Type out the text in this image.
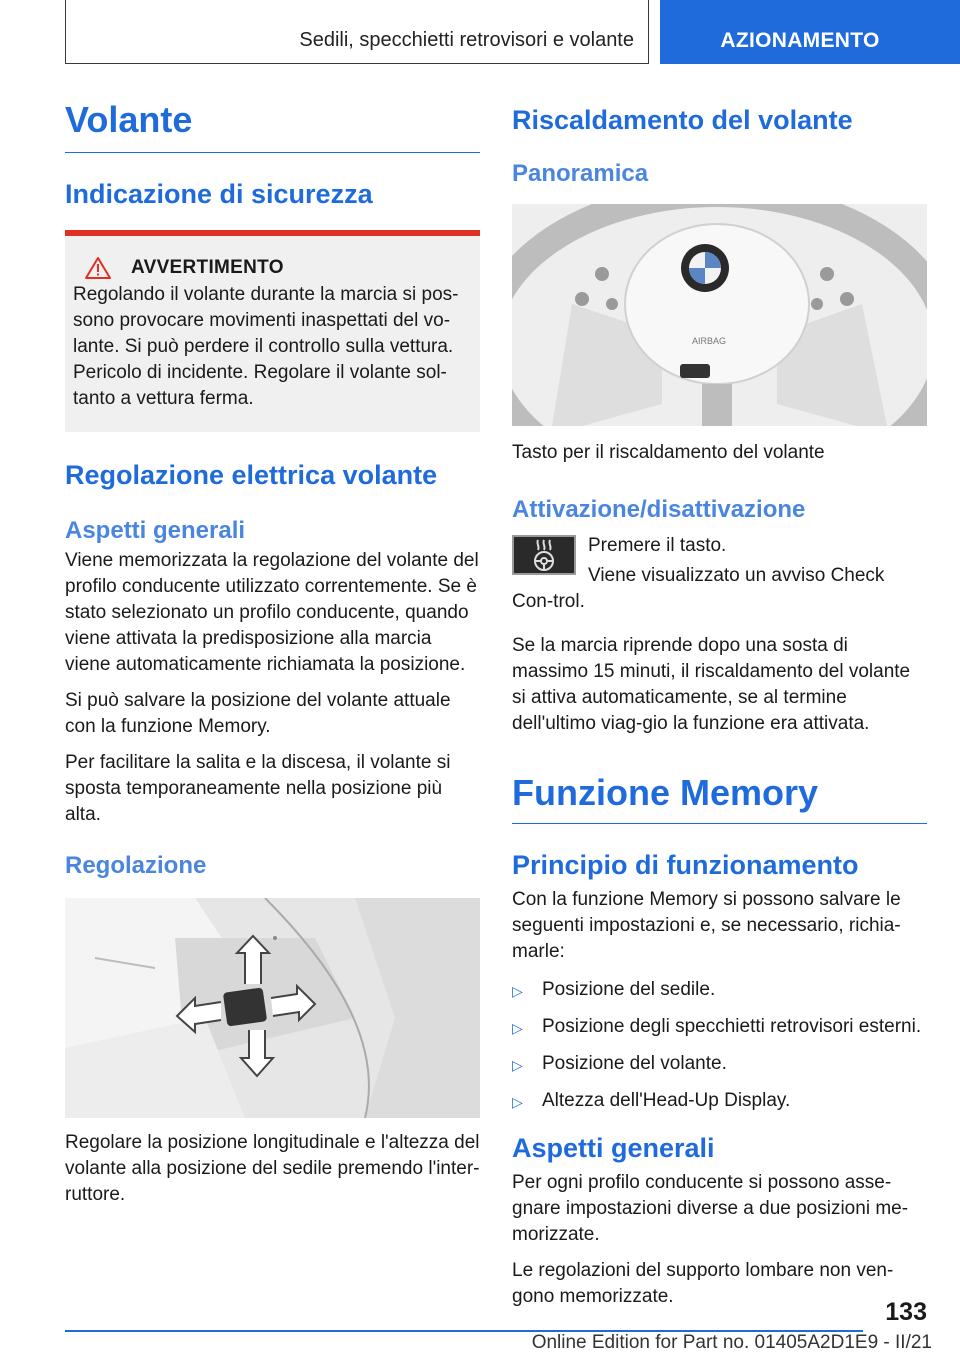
Sedili, specchietti retrovisori e volante	AZIONAMENTO
Volante
Indicazione di sicurezza
AVVERTIMENTO

Regolando il volante durante la marcia si pos-sono provocare movimenti inaspettati del vo-lante. Si può perdere il controllo sulla vettura. Pericolo di incidente. Regolare il volante sol-tanto a vettura ferma.

Regolazione elettrica volante
Aspetti generali

Viene memorizzata la regolazione del volante del profilo conducente utilizzato correntemente. Se è stato selezionato un profilo conducente, quando viene attivata la predisposizione alla marcia viene automaticamente richiamata la posizione.

Si può salvare la posizione del volante attuale con la funzione Memory.

Per facilitare la salita e la discesa, il volante si sposta temporaneamente nella posizione più alta.

Regolazione

Regolare la posizione longitudinale e l'altezza del volante alla posizione del sedile premendo l'inter-ruttore.

Riscaldamento del volante
Panoramica
AIRBAG

Tasto per il riscaldamento del volante

Attivazione/disattivazione

Premere il tasto.

Viene visualizzato un avviso Check Con-trol.

Se la marcia riprende dopo una sosta di massimo 15 minuti, il riscaldamento del volante si attiva automaticamente, se al termine dell'ultimo viag-gio la funzione era attivata.

Funzione Memory
Principio di funzionamento

Con la funzione Memory si possono salvare le seguenti impostazioni e, se necessario, richia-marle:

▷	Posizione del sedile.
▷	Posizione degli specchietti retrovisori esterni.
▷	Posizione del volante.
▷	Altezza dell'Head-Up Display.
Aspetti generali

Per ogni profilo conducente si possono asse-gnare impostazioni diverse a due posizioni me-morizzate.

Le regolazioni del supporto lombare non ven-gono memorizzate.

133
Online Edition for Part no. 01405A2D1E9 - II/21
